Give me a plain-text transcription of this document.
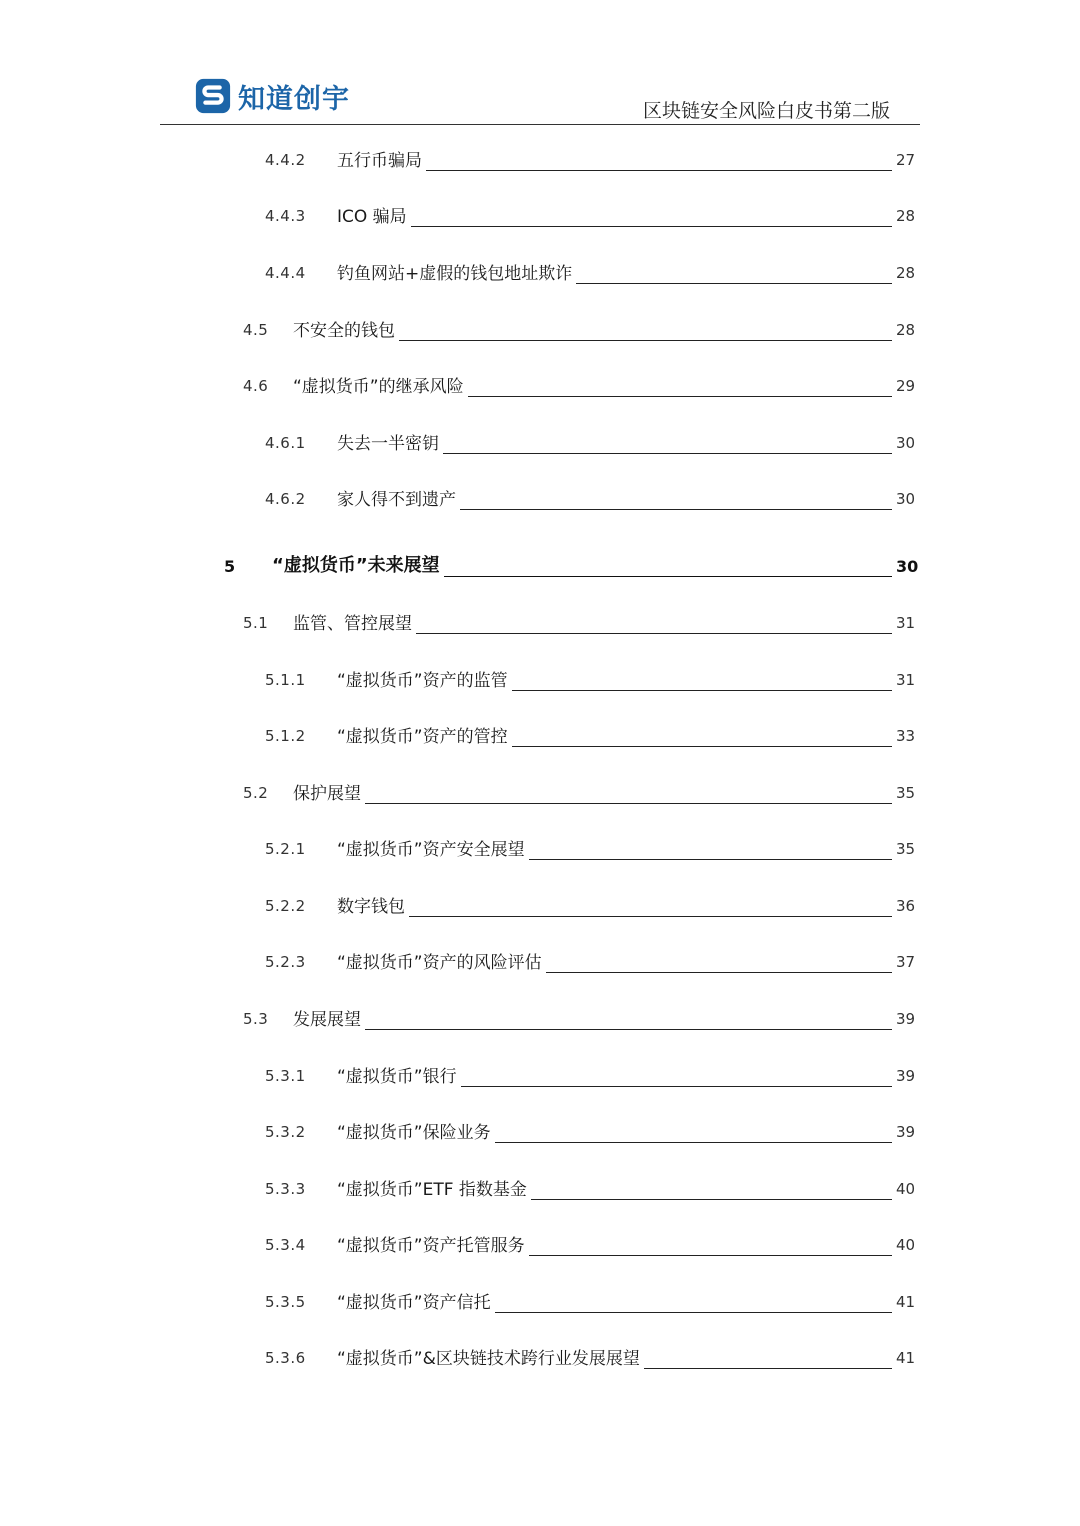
知道创宇	区块链安全风险白皮书第二版
4.4.2 五行币骗局	27
4.4.3 ICO 骗局	28
4.4.4 钓鱼网站+虚假的钱包地址欺诈	28
4.5 不安全的钱包	28
4.6 “虚拟货币”的继承风险	29
4.6.1 失去一半密钥	30
4.6.2 家人得不到遗产	30
5 “虚拟货币”未来展望	30
5.1 监管、管控展望	31
5.1.1 “虚拟货币”资产的监管	31
5.1.2 “虚拟货币”资产的管控	33
5.2 保护展望	35
5.2.1 “虚拟货币”资产安全展望	35
5.2.2 数字钱包	36
5.2.3 “虚拟货币”资产的风险评估	37
5.3 发展展望	39
5.3.1 “虚拟货币”银行	39
5.3.2 “虚拟货币”保险业务	39
5.3.3 “虚拟货币”ETF 指数基金	40
5.3.4 “虚拟货币”资产托管服务	40
5.3.5 “虚拟货币”资产信托	41
5.3.6 “虚拟货币”&区块链技术跨行业发展展望	41
